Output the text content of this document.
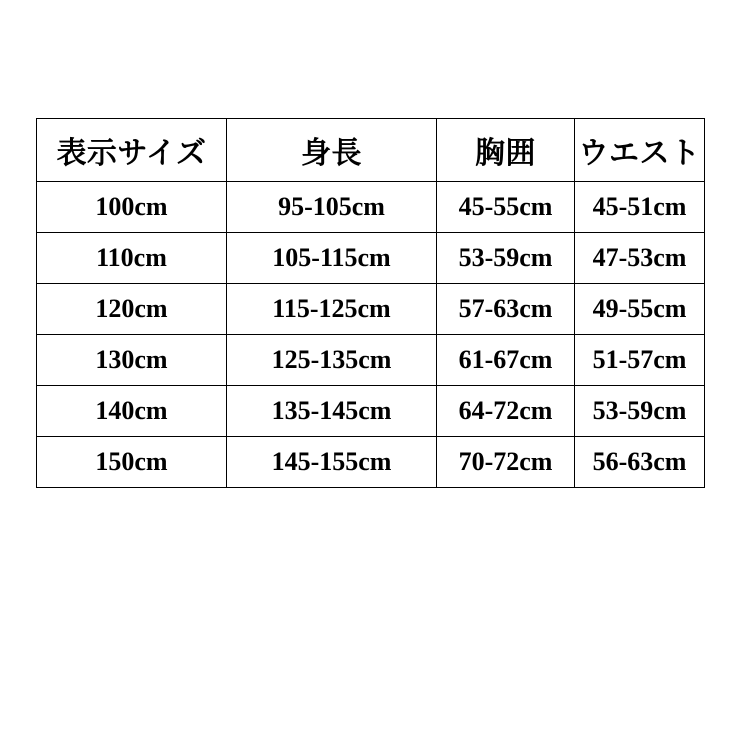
表示サイズ	身長	胸囲	ウエスト
100cm	95-105cm	45-55cm	45-51cm
110cm	105-115cm	53-59cm	47-53cm
120cm	115-125cm	57-63cm	49-55cm
130cm	125-135cm	61-67cm	51-57cm
140cm	135-145cm	64-72cm	53-59cm
150cm	145-155cm	70-72cm	56-63cm
